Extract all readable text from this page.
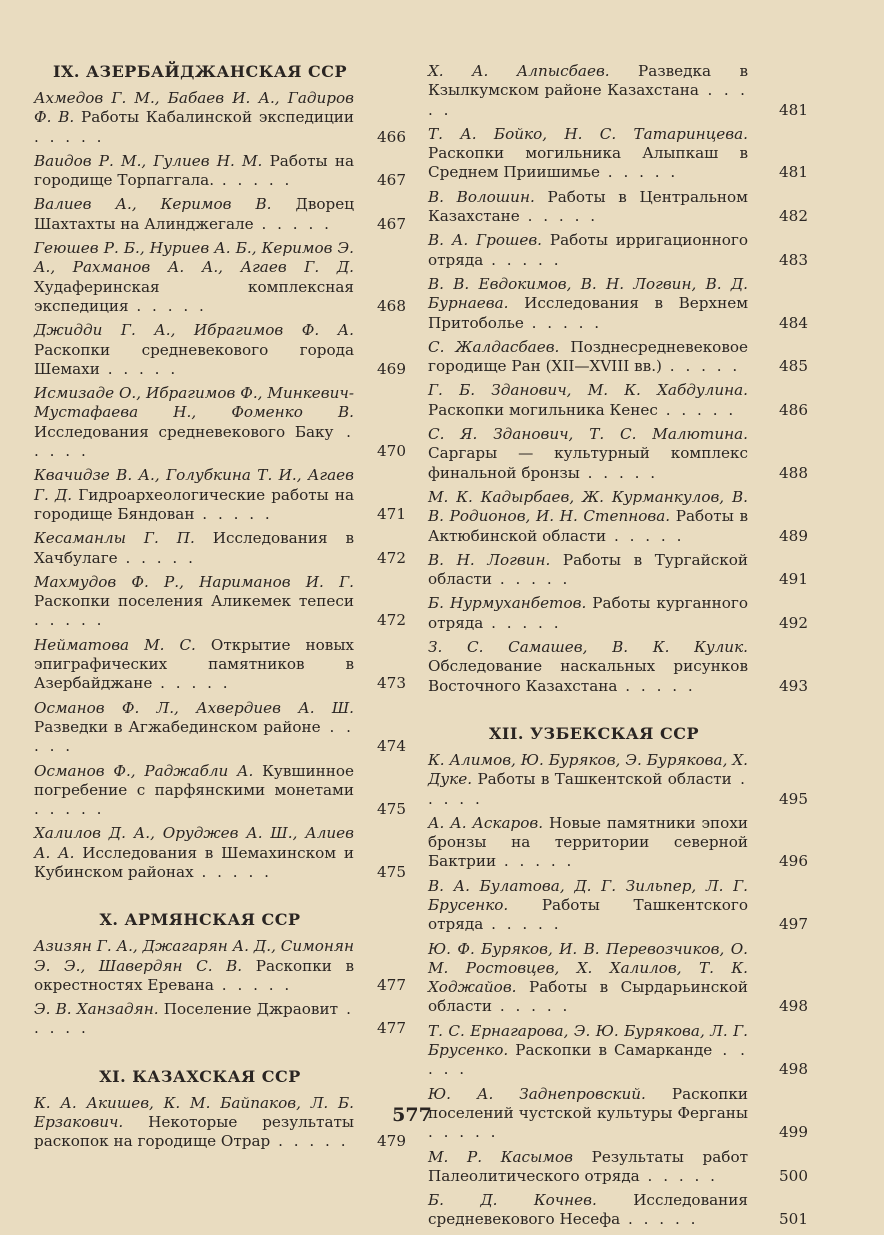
IX. АЗЕРБАЙДЖАНСКАЯ ССР
Ахмедов Г. М., Бабаев И. А., Гадиров Ф. В. Работы Кабалинской экспедиции . . . . .	466
Ваидов Р. М., Гулиев Н. М. Работы на городище Торпаггала. . . . . .	467
Валиев А., Керимов В. Дворец Шахтахты на Алинджегале . . . . .	467
Геюшев Р. Б., Нуриев А. Б., Керимов Э. А., Рахманов А. А., Агаев Г. Д. Худаферинская комплексная экспедиция . . . . .	468
Джидди Г. А., Ибрагимов Ф. А. Раскопки средневекового города Шемахи . . . . .	469
Исмизаде О., Ибрагимов Ф., Минкевич-Мустафаева Н., Фоменко В. Исследования средневекового Баку . . . . .	470
Квачидзе В. А., Голубкина Т. И., Агаев Г. Д. Гидроархеологические работы на городище Бяндован . . . . .	471
Кесаманлы Г. П. Исследования в Хачбулаге . . . . .	472
Махмудов Ф. Р., Нариманов И. Г. Раскопки поселения Аликемек тепеси . . . . .	472
Нейматова М. С. Открытие новых эпиграфических памятников в Азербайджане . . . . .	473
Османов Ф. Л., Ахвердиев А. Ш. Разведки в Агжабединском районе . . . . .	474
Османов Ф., Раджабли А. Кувшинное погребение с парфянскими монетами . . . . .	475
Халилов Д. А., Оруджев А. Ш., Алиев А. А. Исследования в Шемахинском и Кубинском районах . . . . .	475
X. АРМЯНСКАЯ ССР
Азизян Г. А., Джагарян А. Д., Симонян Э. Э., Шавердян С. В. Раскопки в окрестностях Еревана . . . . .	477
Э. В. Ханзадян. Поселение Джраовит . . . . .	477
XI. КАЗАХСКАЯ ССР
К. А. Акишев, К. М. Байпаков, Л. Б. Ерзакович. Некоторые результаты раскопок на городище Отрар . . . . .	479
Х. А. Алпысбаев. Разведка в Кзылкумском районе Казахстана . . . . .	481
Т. А. Бойко, Н. С. Татаринцева. Раскопки могильника Алыпкаш в Среднем Приишимье . . . . .	481
В. Волошин. Работы в Центральном Казахстане . . . . .	482
В. А. Грошев. Работы ирригационного отряда . . . . .	483
В. В. Евдокимов, В. Н. Логвин, В. Д. Бурнаева. Исследования в Верхнем Притоболье . . . . .	484
С. Жалдасбаев. Позднесредневековое городище Ран (XII—XVIII вв.) . . . . .	485
Г. Б. Зданович, М. К. Хабдулина. Раскопки могильника Кенес . . . . .	486
С. Я. Зданович, Т. С. Малютина. Саргары — культурный комплекс финальной бронзы . . . . .	488
М. К. Кадырбаев, Ж. Курманкулов, В. В. Родионов, И. Н. Степнова. Работы в Актюбинской области . . . . .	489
В. Н. Логвин. Работы в Тургайской области . . . . .	491
Б. Нурмуханбетов. Работы курганного отряда . . . . .	492
З. С. Самашев, В. К. Кулик. Обследование наскальных рисунков Восточного Казахстана . . . . .	493
XII. УЗБЕКСКАЯ ССР
К. Алимов, Ю. Буряков, Э. Бурякова, Х. Дуке. Работы в Ташкентской области . . . . .	495
А. А. Аскаров. Новые памятники эпохи бронзы на территории северной Бактрии . . . . .	496
В. А. Булатова, Д. Г. Зильпер, Л. Г. Брусенко. Работы Ташкентского отряда . . . . .	497
Ю. Ф. Буряков, И. В. Перевозчиков, О. М. Ростовцев, Х. Халилов, Т. К. Ходжайов. Работы в Сырдарьинской области . . . . .	498
Т. С. Ернагарова, Э. Ю. Бурякова, Л. Г. Брусенко. Раскопки в Самарканде . . . . .	498
Ю. А. Заднепровский. Раскопки поселений чустской культуры Ферганы . . . . .	499
М. Р. Касымов Результаты работ Палеолитического отряда . . . . .	500
Б. Д. Кочнев. Исследования средневекового Несефа . . . . .	501
577
